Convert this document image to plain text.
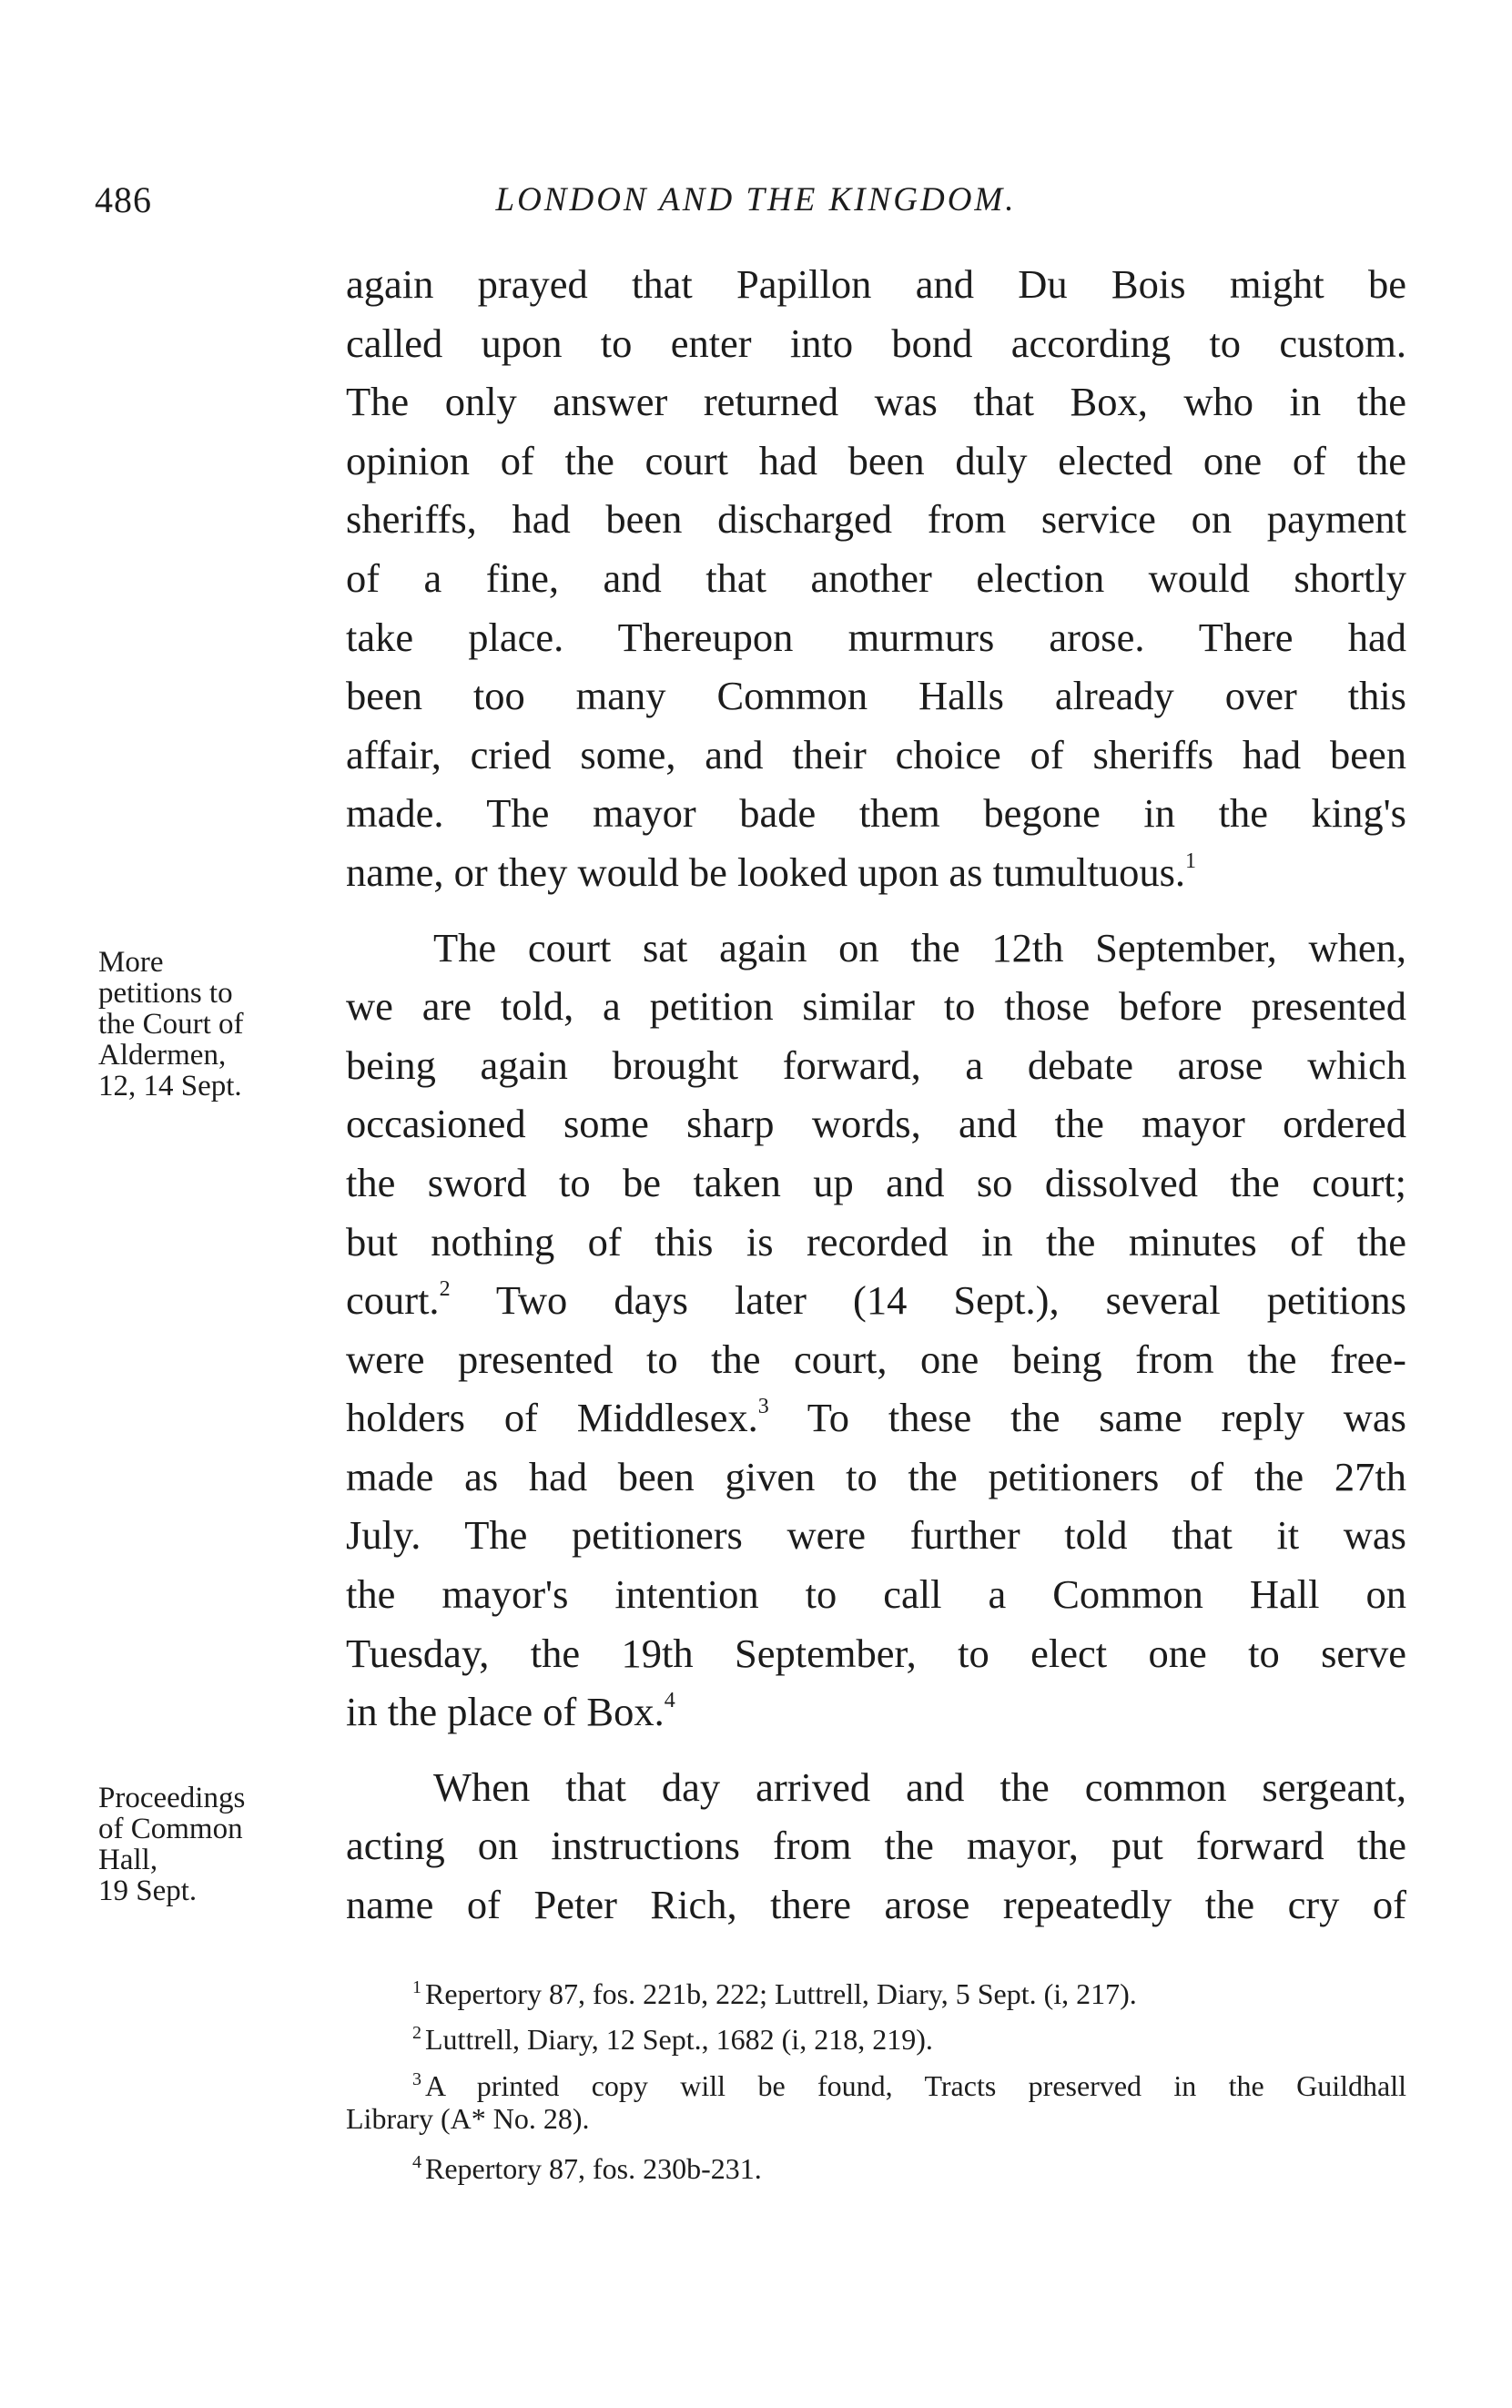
486	LONDON AND THE KINGDOM.
More
petitions to
the Court of
Aldermen,
12, 14 Sept.
Proceedings
of Common
Hall,
19 Sept.
again prayed that Papillon and Du Bois might be
called upon to enter into bond according to custom.
The only answer returned was that Box, who in the
opinion of the court had been duly elected one of the
sheriffs, had been discharged from service on payment
of a fine, and that another election would shortly
take place. Thereupon murmurs arose. There had
been too many Common Halls already over this
affair, cried some, and their choice of sheriffs had been
made. The mayor bade them begone in the king's
name, or they would be looked upon as tumultuous.$^1$
The court sat again on the 12th September, when,
we are told, a petition similar to those before presented
being again brought forward, a debate arose which
occasioned some sharp words, and the mayor ordered
the sword to be taken up and so dissolved the court;
but nothing of this is recorded in the minutes of the
court.$^2$ Two days later (14 Sept.), several petitions
were presented to the court, one being from the free-
holders of Middlesex.$^3$ To these the same reply was
made as had been given to the petitioners of the 27th
July. The petitioners were further told that it was
the mayor's intention to call a Common Hall on
Tuesday, the 19th September, to elect one to serve
in the place of Box.$^4$
When that day arrived and the common sergeant,
acting on instructions from the mayor, put forward the
name of Peter Rich, there arose repeatedly the cry of
$^1$ Repertory 87, fos. 221b, 222; Luttrell, Diary, 5 Sept. (i, 217).
$^2$ Luttrell, Diary, 12 Sept., 1682 (i, 218, 219).
$^3$ A printed copy will be found, Tracts preserved in the Guildhall
Library (A* No. 28).
$^4$ Repertory 87, fos. 230b-231.
